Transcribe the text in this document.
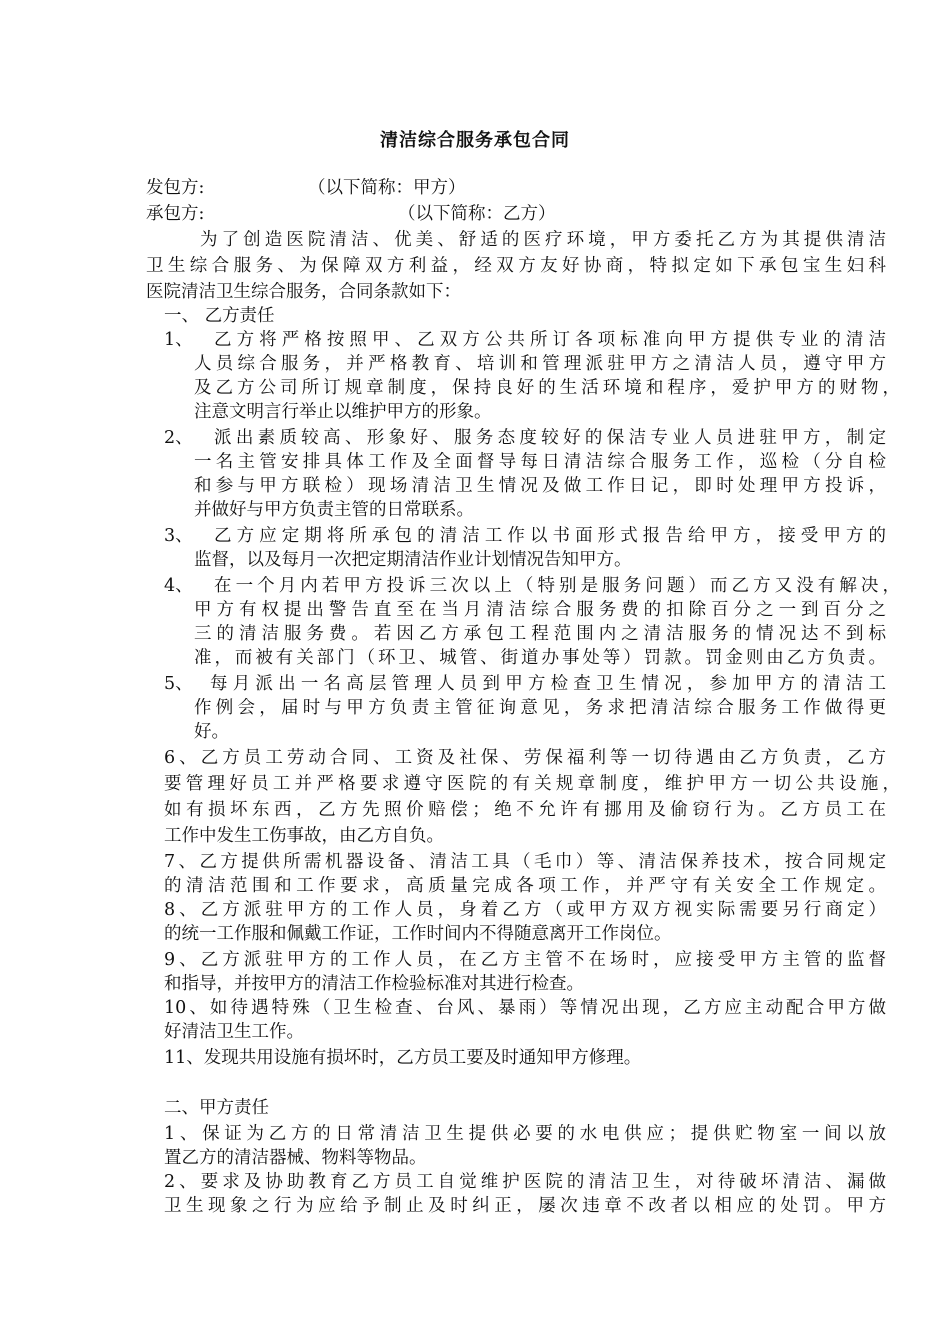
清洁综合服务承包合同
发包方:	（以下简称：甲方）
承包方:	（以下简称：乙方）
为了创造医院清洁、优美、舒适的医疗环境，甲方委托乙方为其提供清洁
卫生综合服务、为保障双方利益，经双方友好协商，特拟定如下承包宝生妇科
医院清洁卫生综合服务，合同条款如下：
一、 乙方责任
1、 乙方将严格按照甲、乙双方公共所订各项标准向甲方提供专业的清洁
人员综合服务，并严格教育、培训和管理派驻甲方之清洁人员，遵守甲方
及乙方公司所订规章制度，保持良好的生活环境和程序，爱护甲方的财物，
注意文明言行举止以维护甲方的形象。
2、 派出素质较高、形象好、服务态度较好的保洁专业人员进驻甲方，制定
一名主管安排具体工作及全面督导每日清洁综合服务工作，巡检（分自检
和参与甲方联检）现场清洁卫生情况及做工作日记，即时处理甲方投诉，
并做好与甲方负责主管的日常联系。
3、 乙方应定期将所承包的清洁工作以书面形式报告给甲方，接受甲方的
监督，以及每月一次把定期清洁作业计划情况告知甲方。
4、 在一个月内若甲方投诉三次以上（特别是服务问题）而乙方又没有解决，
甲方有权提出警告直至在当月清洁综合服务费的扣除百分之一到百分之
三的清洁服务费。若因乙方承包工程范围内之清洁服务的情况达不到标
准，而被有关部门（环卫、城管、街道办事处等）罚款。罚金则由乙方负责。
5、 每月派出一名高层管理人员到甲方检查卫生情况，参加甲方的清洁工
作例会，届时与甲方负责主管征询意见，务求把清洁综合服务工作做得更
好。
6、乙方员工劳动合同、工资及社保、劳保福利等一切待遇由乙方负责，乙方
要管理好员工并严格要求遵守医院的有关规章制度，维护甲方一切公共设施，
如有损坏东西，乙方先照价赔偿；绝不允许有挪用及偷窃行为。乙方员工在
工作中发生工伤事故，由乙方自负。
7、乙方提供所需机器设备、清洁工具（毛巾）等、清洁保养技术，按合同规定
的清洁范围和工作要求，高质量完成各项工作，并严守有关安全工作规定。
8、乙方派驻甲方的工作人员，身着乙方（或甲方双方视实际需要另行商定）
的统一工作服和佩戴工作证，工作时间内不得随意离开工作岗位。
9、乙方派驻甲方的工作人员，在乙方主管不在场时，应接受甲方主管的监督
和指导，并按甲方的清洁工作检验标准对其进行检查。
10、如待遇特殊（卫生检查、台风、暴雨）等情况出现，乙方应主动配合甲方做
好清洁卫生工作。
11、发现共用设施有损坏时，乙方员工要及时通知甲方修理。
二、甲方责任
1、保证为乙方的日常清洁卫生提供必要的水电供应；提供贮物室一间以放
置乙方的清洁器械、物料等物品。
2、要求及协助教育乙方员工自觉维护医院的清洁卫生，对待破坏清洁、漏做
卫生现象之行为应给予制止及时纠正，屡次违章不改者以相应的处罚。甲方
